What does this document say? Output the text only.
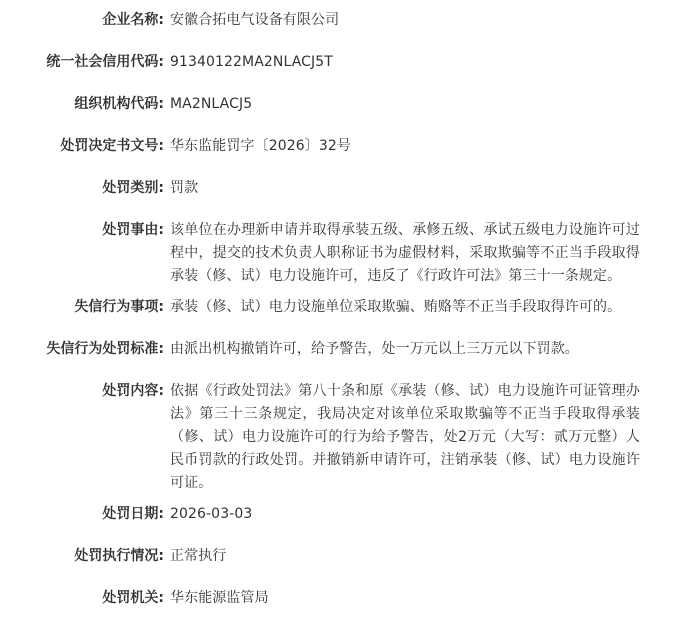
企业名称: 安徽合拓电气设备有限公司
统一社会信用代码: 91340122MA2NLACJ5T
组织机构代码: MA2NLACJ5
处罚决定书文号: 华东监能罚字〔2026〕32号
处罚类别: 罚款
处罚事由: 该单位在办理新申请并取得承装五级、承修五级、承试五级电力设施许可过程中，提交的技术负责人职称证书为虚假材料，采取欺骗等不正当手段取得承装（修、试）电力设施许可，违反了《行政许可法》第三十一条规定。
失信行为事项: 承装（修、试）电力设施单位采取欺骗、贿赂等不正当手段取得许可的。
失信行为处罚标准: 由派出机构撤销许可，给予警告，处一万元以上三万元以下罚款。
处罚内容: 依据《行政处罚法》第八十条和原《承装（修、试）电力设施许可证管理办法》第三十三条规定，我局决定对该单位采取欺骗等不正当手段取得承装（修、试）电力设施许可的行为给予警告，处2万元（大写：贰万元整）人民币罚款的行政处罚。并撤销新申请许可，注销承装（修、试）电力设施许可证。
处罚日期: 2026-03-03
处罚执行情况: 正常执行
处罚机关: 华东能源监管局
